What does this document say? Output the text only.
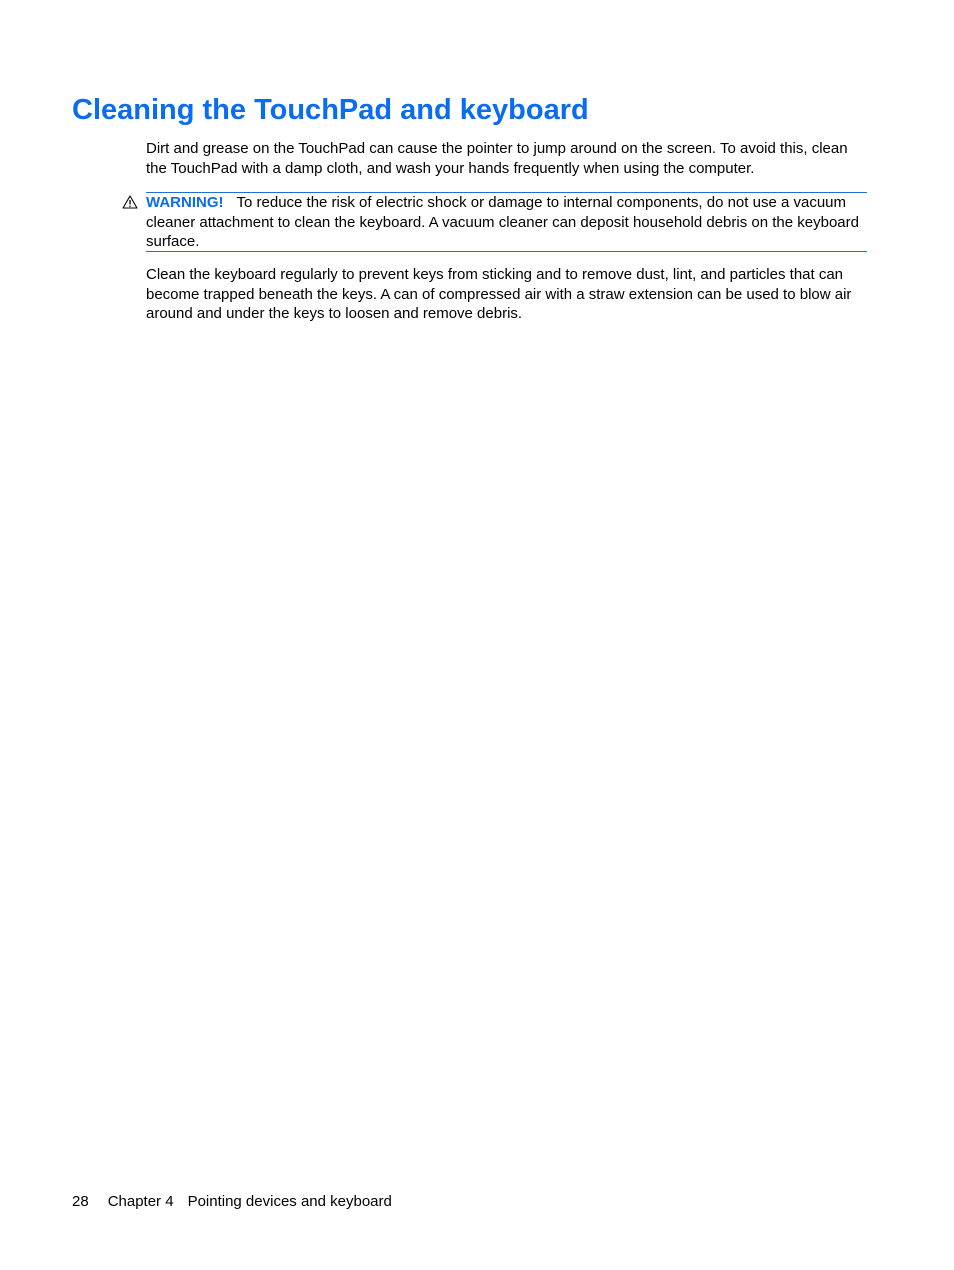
Cleaning the TouchPad and keyboard

Dirt and grease on the TouchPad can cause the pointer to jump around on the screen. To avoid this, clean the TouchPad with a damp cloth, and wash your hands frequently when using the computer.

WARNING! To reduce the risk of electric shock or damage to internal components, do not use a vacuum cleaner attachment to clean the keyboard. A vacuum cleaner can deposit household debris on the keyboard surface.

Clean the keyboard regularly to prevent keys from sticking and to remove dust, lint, and particles that can become trapped beneath the keys. A can of compressed air with a straw extension can be used to blow air around and under the keys to loosen and remove debris.

28 Chapter 4 Pointing devices and keyboard
